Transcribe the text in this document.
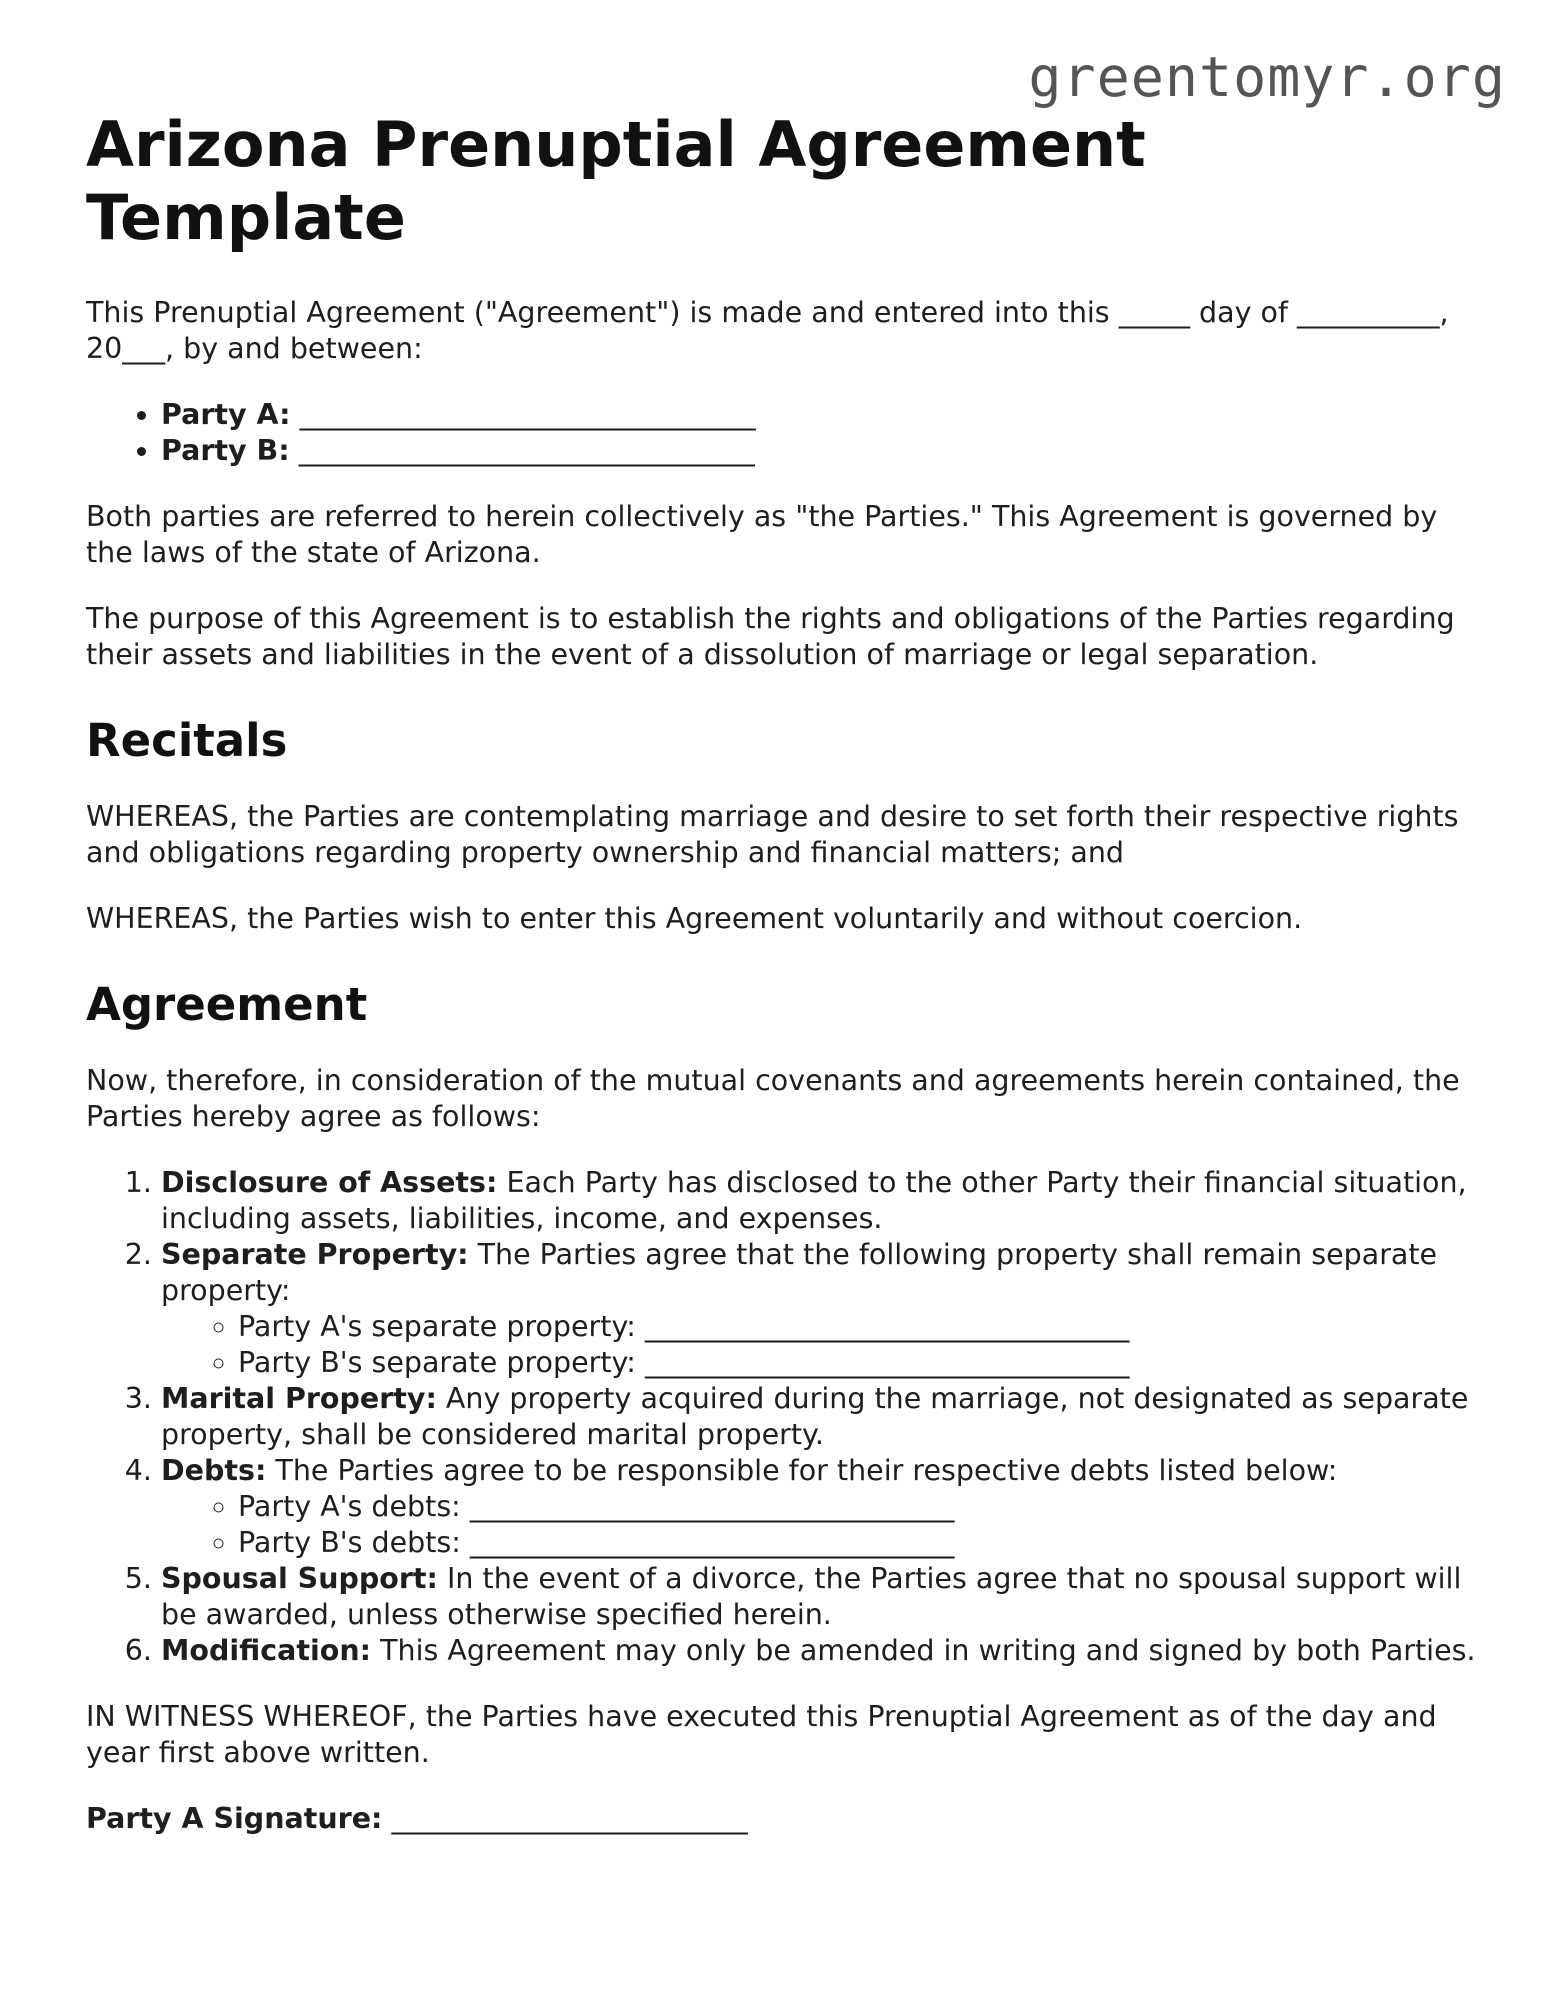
greentomyr.org
Arizona Prenuptial Agreement Template

This Prenuptial Agreement ("Agreement") is made and entered into this _____ day of __________, 20___, by and between:

• Party A: ________________________________
• Party B: ________________________________

Both parties are referred to herein collectively as "the Parties." This Agreement is governed by the laws of the state of Arizona.

The purpose of this Agreement is to establish the rights and obligations of the Parties regarding their assets and liabilities in the event of a dissolution of marriage or legal separation.

Recitals

WHEREAS, the Parties are contemplating marriage and desire to set forth their respective rights and obligations regarding property ownership and financial matters; and

WHEREAS, the Parties wish to enter this Agreement voluntarily and without coercion.

Agreement

Now, therefore, in consideration of the mutual covenants and agreements herein contained, the Parties hereby agree as follows:

1. Disclosure of Assets: Each Party has disclosed to the other Party their financial situation, including assets, liabilities, income, and expenses.
2. Separate Property: The Parties agree that the following property shall remain separate property:
◦ Party A's separate property: __________________________________
◦ Party B's separate property: __________________________________
3. Marital Property: Any property acquired during the marriage, not designated as separate property, shall be considered marital property.
4. Debts: The Parties agree to be responsible for their respective debts listed below:
◦ Party A's debts: __________________________________
◦ Party B's debts: __________________________________
5. Spousal Support: In the event of a divorce, the Parties agree that no spousal support will be awarded, unless otherwise specified herein.
6. Modification: This Agreement may only be amended in writing and signed by both Parties.

IN WITNESS WHEREOF, the Parties have executed this Prenuptial Agreement as of the day and year first above written.

Party A Signature: _________________________
